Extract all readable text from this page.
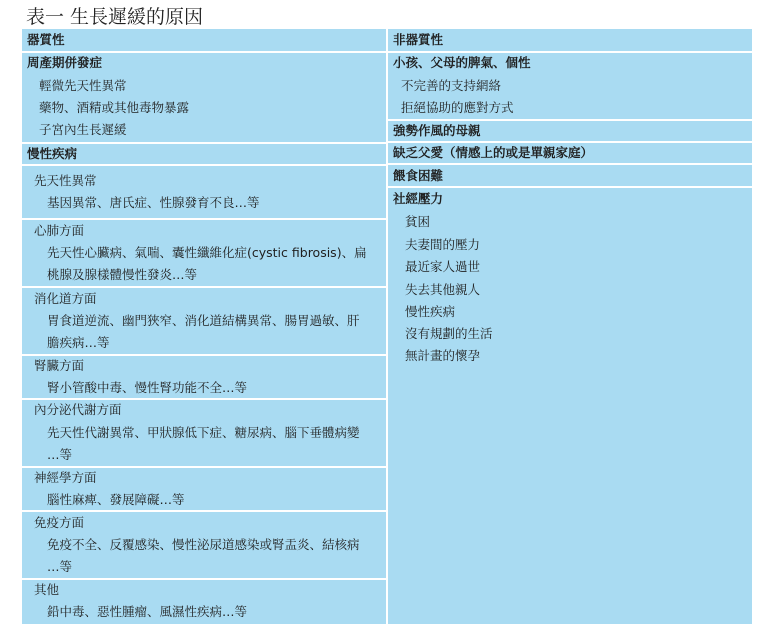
表一 生長遲緩的原因
器質性
周產期併發症
輕微先天性異常
藥物、酒精或其他毒物暴露
子宮內生長遲緩
慢性疾病
先天性異常
基因異常、唐氏症、性腺發育不良…等
心肺方面
先天性心臟病、氣喘、囊性纖維化症(cystic fibrosis)、扁
桃腺及腺樣體慢性發炎…等
消化道方面
胃食道逆流、幽門狹窄、消化道結構異常、腸胃過敏、肝
膽疾病…等
腎臟方面
腎小管酸中毒、慢性腎功能不全…等
內分泌代謝方面
先天性代謝異常、甲狀腺低下症、糖尿病、腦下垂體病變
…等
神經學方面
腦性麻痺、發展障礙…等
免疫方面
免疫不全、反覆感染、慢性泌尿道感染或腎盂炎、結核病
…等
其他
鉛中毒、惡性腫瘤、風濕性疾病…等
非器質性
小孩、父母的脾氣、個性
不完善的支持網絡
拒絕協助的應對方式
強勢作風的母親
缺乏父愛（情感上的或是單親家庭）
餵食困難
社經壓力
貧困
夫妻間的壓力
最近家人過世
失去其他親人
慢性疾病
沒有規劃的生活
無計畫的懷孕
